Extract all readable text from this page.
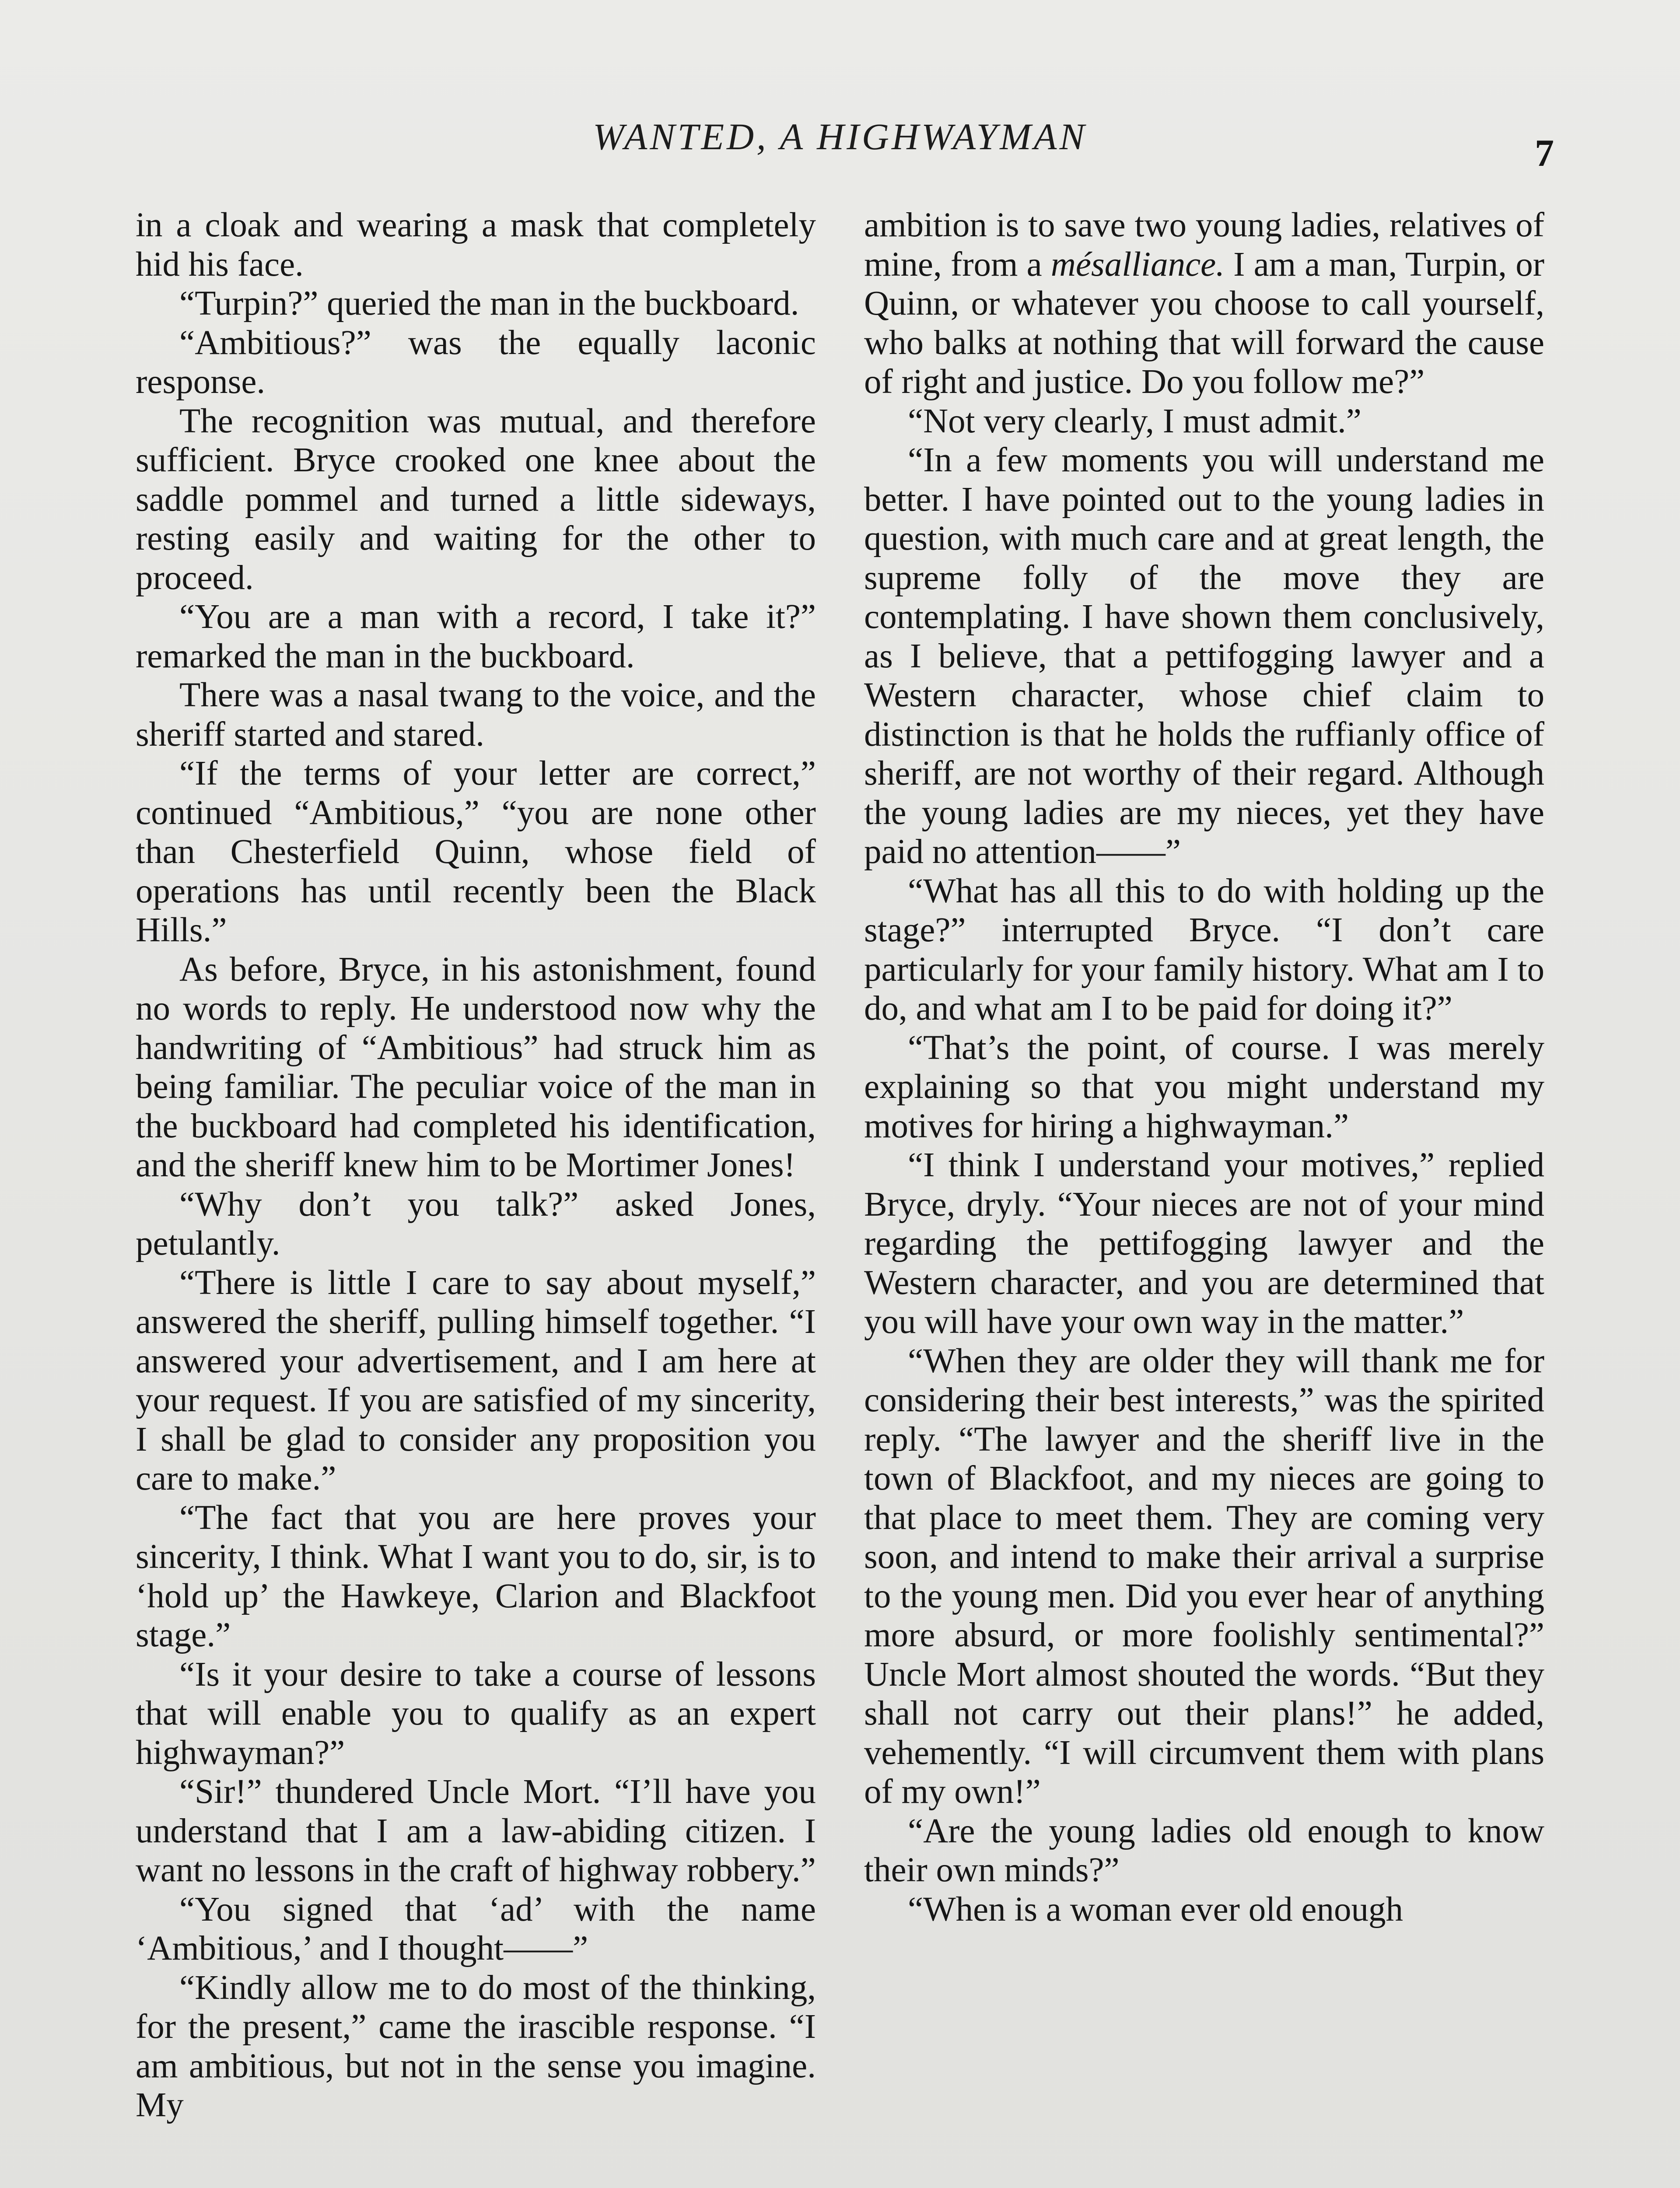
WANTED, A HIGHWAYMAN	7

in a cloak and wearing a mask that completely hid his face.

“Turpin?” queried the man in the buckboard.

“Ambitious?” was the equally laconic response.

The recognition was mutual, and therefore sufficient. Bryce crooked one knee about the saddle pommel and turned a little sideways, resting easily and waiting for the other to proceed.

“You are a man with a record, I take it?” remarked the man in the buckboard.

There was a nasal twang to the voice, and the sheriff started and stared.

“If the terms of your letter are correct,” continued “Ambitious,” “you are none other than Chesterfield Quinn, whose field of operations has until recently been the Black Hills.”

As before, Bryce, in his astonishment, found no words to reply. He understood now why the handwriting of “Ambitious” had struck him as being familiar. The peculiar voice of the man in the buckboard had completed his identification, and the sheriff knew him to be Mortimer Jones!

“Why don’t you talk?” asked Jones, petulantly.

“There is little I care to say about myself,” answered the sheriff, pulling himself together. “I answered your advertisement, and I am here at your request. If you are satisfied of my sincerity, I shall be glad to consider any proposition you care to make.”

“The fact that you are here proves your sincerity, I think. What I want you to do, sir, is to ‘hold up’ the Hawkeye, Clarion and Blackfoot stage.”

“Is it your desire to take a course of lessons that will enable you to qualify as an expert highwayman?”

“Sir!” thundered Uncle Mort. “I’ll have you understand that I am a law-abiding citizen. I want no lessons in the craft of highway robbery.”

“You signed that ‘ad’ with the name ‘Ambitious,’ and I thought——”

“Kindly allow me to do most of the thinking, for the present,” came the irascible response. “I am ambitious, but not in the sense you imagine. My

ambition is to save two young ladies, relatives of mine, from a mésalliance. I am a man, Turpin, or Quinn, or whatever you choose to call yourself, who balks at nothing that will forward the cause of right and justice. Do you follow me?”

“Not very clearly, I must admit.”

“In a few moments you will understand me better. I have pointed out to the young ladies in question, with much care and at great length, the supreme folly of the move they are contemplating. I have shown them conclusively, as I believe, that a pettifogging lawyer and a Western character, whose chief claim to distinction is that he holds the ruffianly office of sheriff, are not worthy of their regard. Although the young ladies are my nieces, yet they have paid no attention——”

“What has all this to do with holding up the stage?” interrupted Bryce. “I don’t care particularly for your family history. What am I to do, and what am I to be paid for doing it?”

“That’s the point, of course. I was merely explaining so that you might understand my motives for hiring a highwayman.”

“I think I understand your motives,” replied Bryce, dryly. “Your nieces are not of your mind regarding the pettifogging lawyer and the Western character, and you are determined that you will have your own way in the matter.”

“When they are older they will thank me for considering their best interests,” was the spirited reply. “The lawyer and the sheriff live in the town of Blackfoot, and my nieces are going to that place to meet them. They are coming very soon, and intend to make their arrival a surprise to the young men. Did you ever hear of anything more absurd, or more foolishly sentimental?” Uncle Mort almost shouted the words. “But they shall not carry out their plans!” he added, vehemently. “I will circumvent them with plans of my own!”

“Are the young ladies old enough to know their own minds?”

“When is a woman ever old enough
